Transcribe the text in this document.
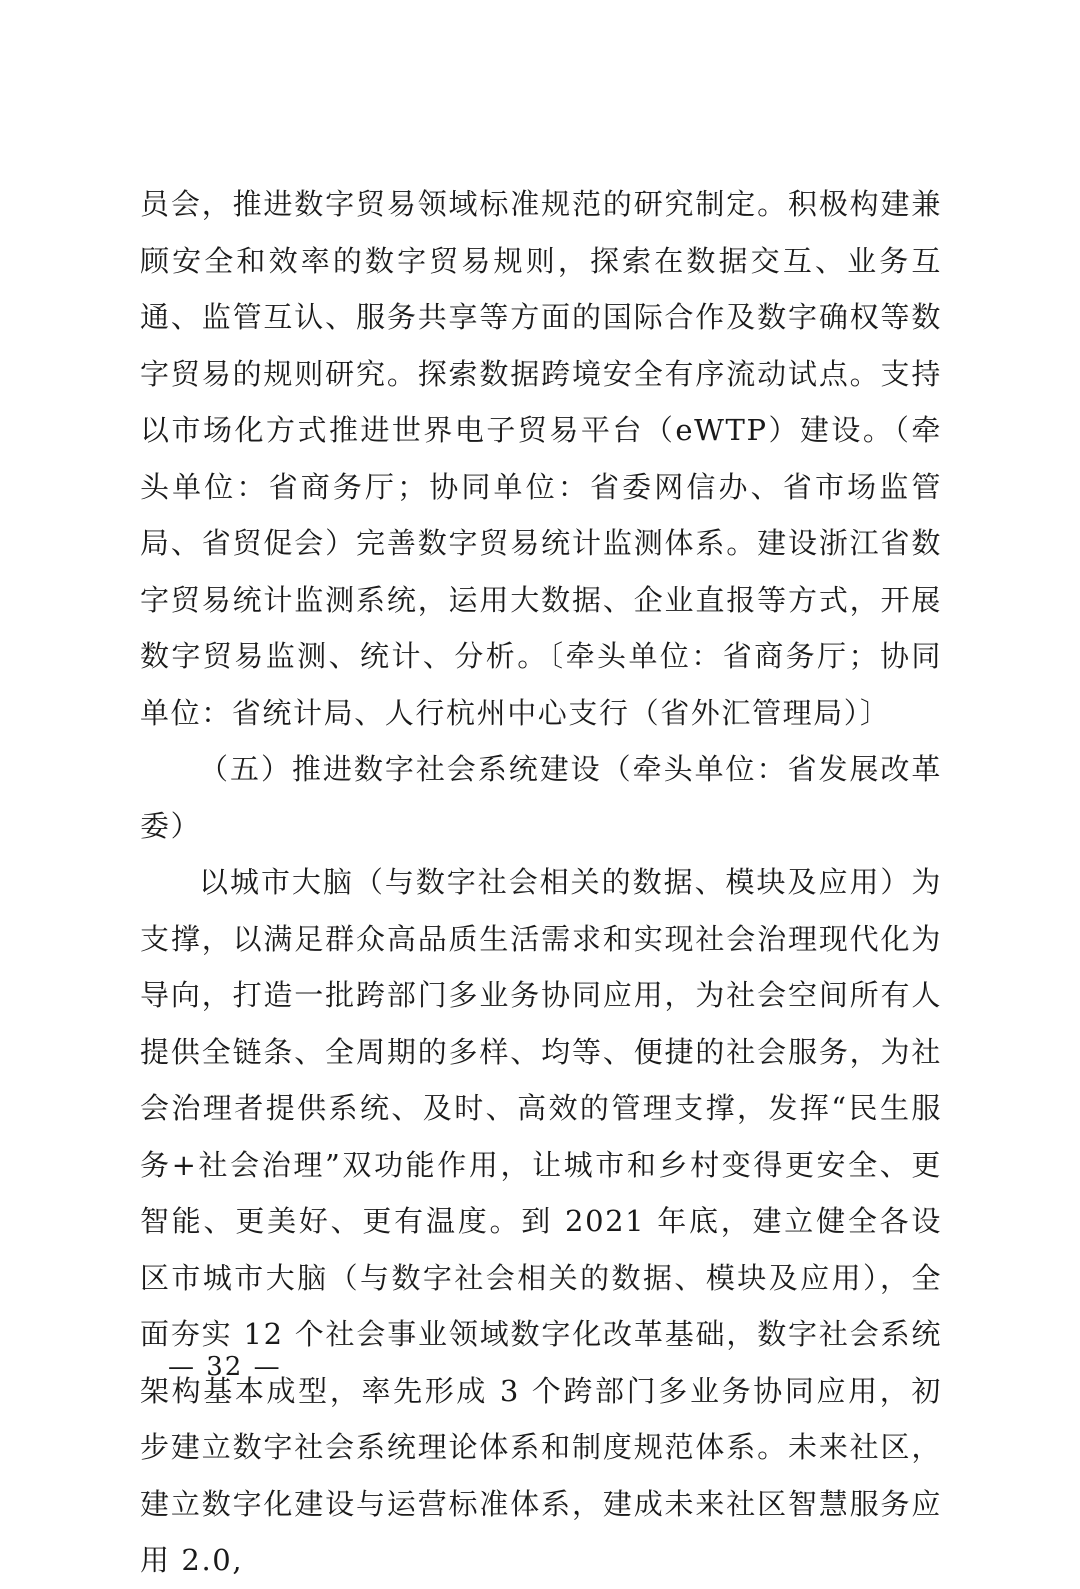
员会，推进数字贸易领域标准规范的研究制定。积极构建兼顾安全和效率的数字贸易规则，探索在数据交互、业务互通、监管互认、服务共享等方面的国际合作及数字确权等数字贸易的规则研究。探索数据跨境安全有序流动试点。支持以市场化方式推进世界电子贸易平台（eWTP）建设。（牵头单位：省商务厅；协同单位：省委网信办、省市场监管局、省贸促会）完善数字贸易统计监测体系。建设浙江省数字贸易统计监测系统，运用大数据、企业直报等方式，开展数字贸易监测、统计、分析。〔牵头单位：省商务厅；协同单位：省统计局、人行杭州中心支行（省外汇管理局）〕

（五）推进数字社会系统建设（牵头单位：省发展改革委）

以城市大脑（与数字社会相关的数据、模块及应用）为支撑，以满足群众高品质生活需求和实现社会治理现代化为导向，打造一批跨部门多业务协同应用，为社会空间所有人提供全链条、全周期的多样、均等、便捷的社会服务，为社会治理者提供系统、及时、高效的管理支撑，发挥“民生服务+社会治理”双功能作用，让城市和乡村变得更安全、更智能、更美好、更有温度。到 2021 年底，建立健全各设区市城市大脑（与数字社会相关的数据、模块及应用），全面夯实 12 个社会事业领域数字化改革基础，数字社会系统架构基本成型，率先形成 3 个跨部门多业务协同应用，初步建立数字社会系统理论体系和制度规范体系。未来社区，建立数字化建设与运营标准体系，建成未来社区智慧服务应用 2.0,

— 32 —
